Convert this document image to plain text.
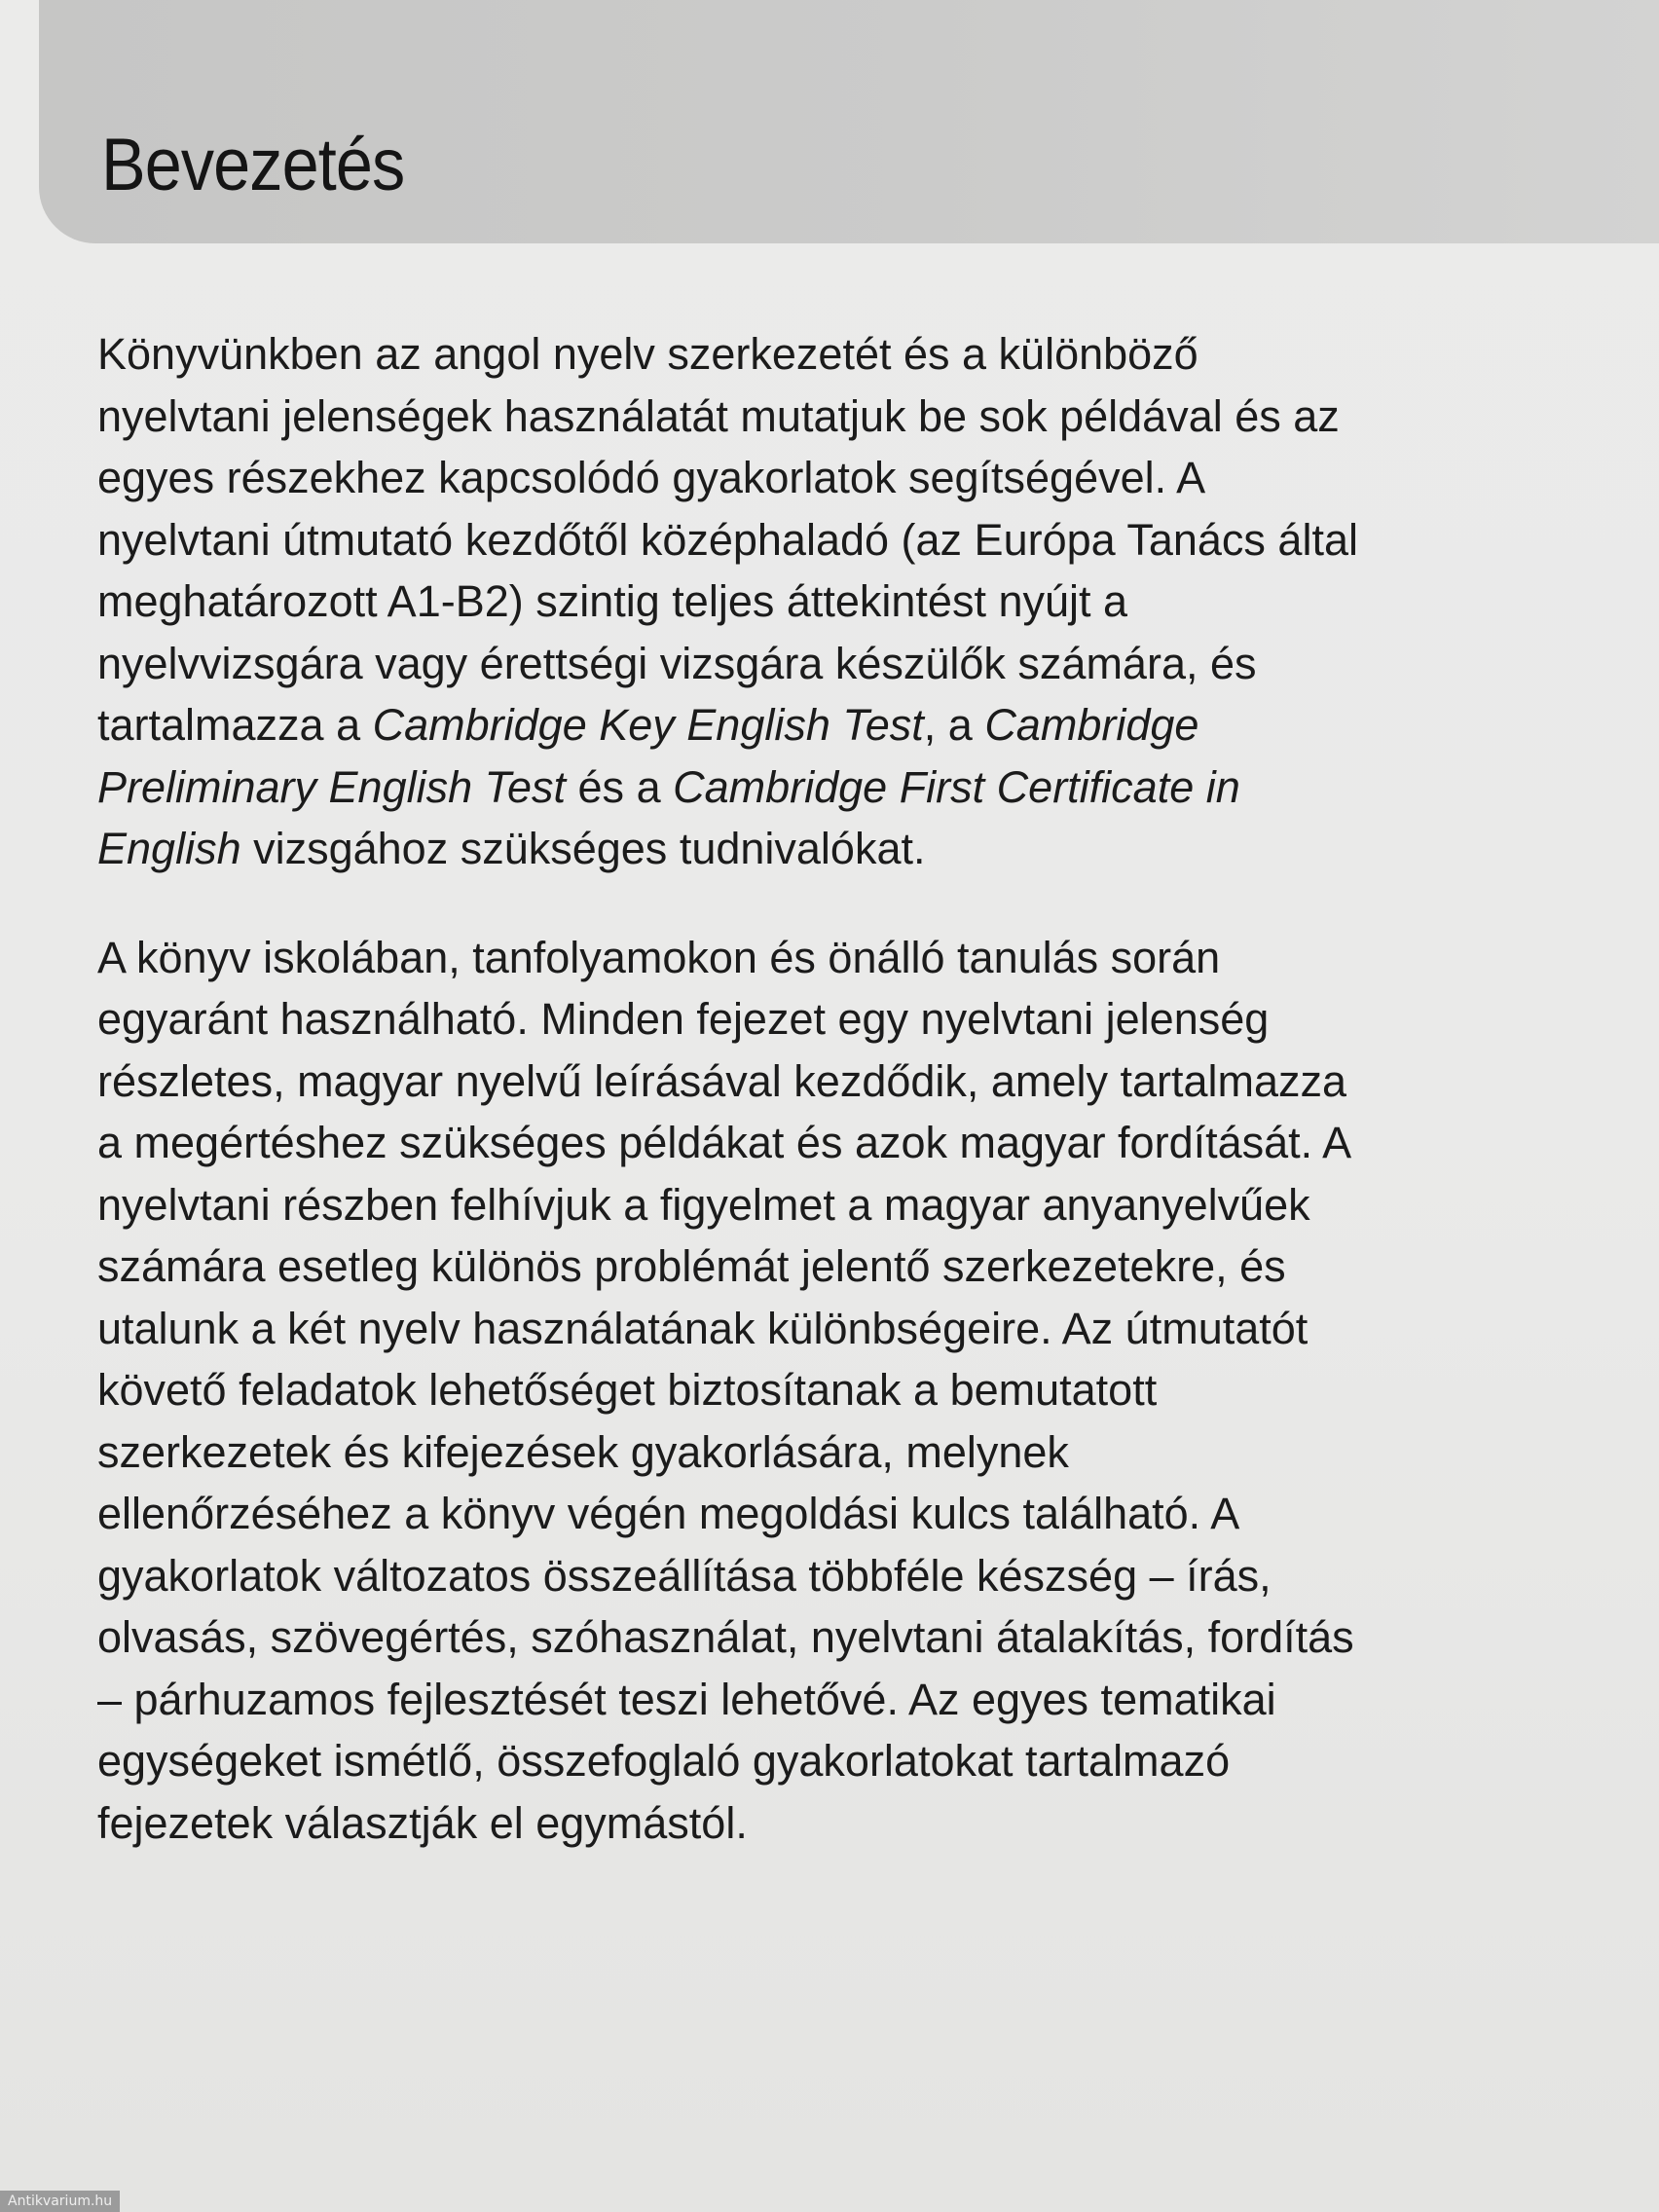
Bevezetés

Könyvünkben az angol nyelv szerkezetét és a különböző
nyelvtani jelenségek használatát mutatjuk be sok példával és az
egyes részekhez kapcsolódó gyakorlatok segítségével. A
nyelvtani útmutató kezdőtől középhaladó (az Európa Tanács által
meghatározott A1-B2) szintig teljes áttekintést nyújt a
nyelvvizsgára vagy érettségi vizsgára készülők számára, és
tartalmazza a Cambridge Key English Test, a Cambridge
Preliminary English Test és a Cambridge First Certificate in
English vizsgához szükséges tudnivalókat.

A könyv iskolában, tanfolyamokon és önálló tanulás során
egyaránt használható. Minden fejezet egy nyelvtani jelenség
részletes, magyar nyelvű leírásával kezdődik, amely tartalmazza
a megértéshez szükséges példákat és azok magyar fordítását. A
nyelvtani részben felhívjuk a figyelmet a magyar anyanyelvűek
számára esetleg különös problémát jelentő szerkezetekre, és
utalunk a két nyelv használatának különbségeire. Az útmutatót
követő feladatok lehetőséget biztosítanak a bemutatott
szerkezetek és kifejezések gyakorlására, melynek
ellenőrzéséhez a könyv végén megoldási kulcs található. A
gyakorlatok változatos összeállítása többféle készség – írás,
olvasás, szövegértés, szóhasználat, nyelvtani átalakítás, fordítás
– párhuzamos fejlesztését teszi lehetővé. Az egyes tematikai
egységeket ismétlő, összefoglaló gyakorlatokat tartalmazó
fejezetek választják el egymástól.

Antikvarium.hu
